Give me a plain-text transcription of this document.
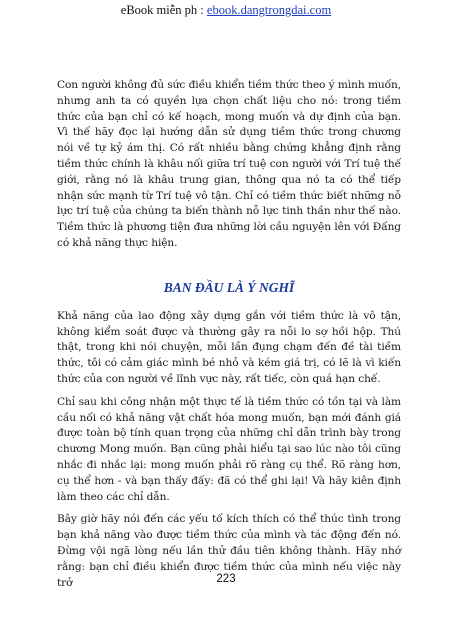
eBook miễn ph : ebook.dangtrongdai.com

Con người không đủ sức điều khiển tiềm thức theo ý mình muốn, nhưng anh ta có quyền lựa chọn chất liệu cho nó: trong tiềm thức của bạn chỉ có kế hoạch, mong muốn và dự định của bạn. Vì thế hãy đọc lại hướng dẫn sử dụng tiềm thức trong chương nói về tự kỷ ám thị. Có rất nhiều bằng chứng khẳng định rằng tiềm thức chính là khâu nối giữa trí tuệ con người với Trí tuệ thế giới, rằng nó là khâu trung gian, thông qua nó ta có thể tiếp nhận sức mạnh từ Trí tuệ vô tận. Chỉ có tiềm thức biết những nỗ lực trí tuệ của chúng ta biến thành nỗ lực tinh thần như thế nào. Tiềm thức là phương tiện đưa những lời cầu nguyện lên với Đấng có khả năng thực hiện.

BAN ĐẦU LÀ Ý NGHĨ

Khả năng của lao động xây dựng gắn với tiềm thức là vô tận, không kiểm soát được và thường gây ra nỗi lo sợ hồi hộp. Thú thật, trong khi nói chuyện, mỗi lần đụng chạm đến đề tài tiềm thức, tôi có cảm giác mình bé nhỏ và kém giá trị, có lẽ là vì kiến thức của con người về lĩnh vực này, rất tiếc, còn quá hạn chế.

Chỉ sau khi công nhận một thực tế là tiềm thức có tồn tại và làm cầu nối có khả năng vật chất hóa mong muốn, bạn mới đánh giá được toàn bộ tính quan trọng của những chỉ dẫn trình bày trong chương Mong muốn. Bạn cũng phải hiểu tại sao lúc nào tôi cũng nhắc đi nhắc lại: mong muốn phải rõ ràng cụ thể. Rõ ràng hơn, cụ thể hơn - và bạn thấy đấy: đã có thể ghi lại! Và hãy kiên định làm theo các chỉ dẫn.

Bây giờ hãy nói đến các yếu tố kích thích có thể thúc tình trong bạn khả năng vào được tiềm thức của mình và tác động đến nó. Đừng vội ngã lòng nếu lần thử đầu tiên không thành. Hãy nhớ rằng: bạn chỉ điều khiển được tiềm thức của mình nếu việc này trở	223
